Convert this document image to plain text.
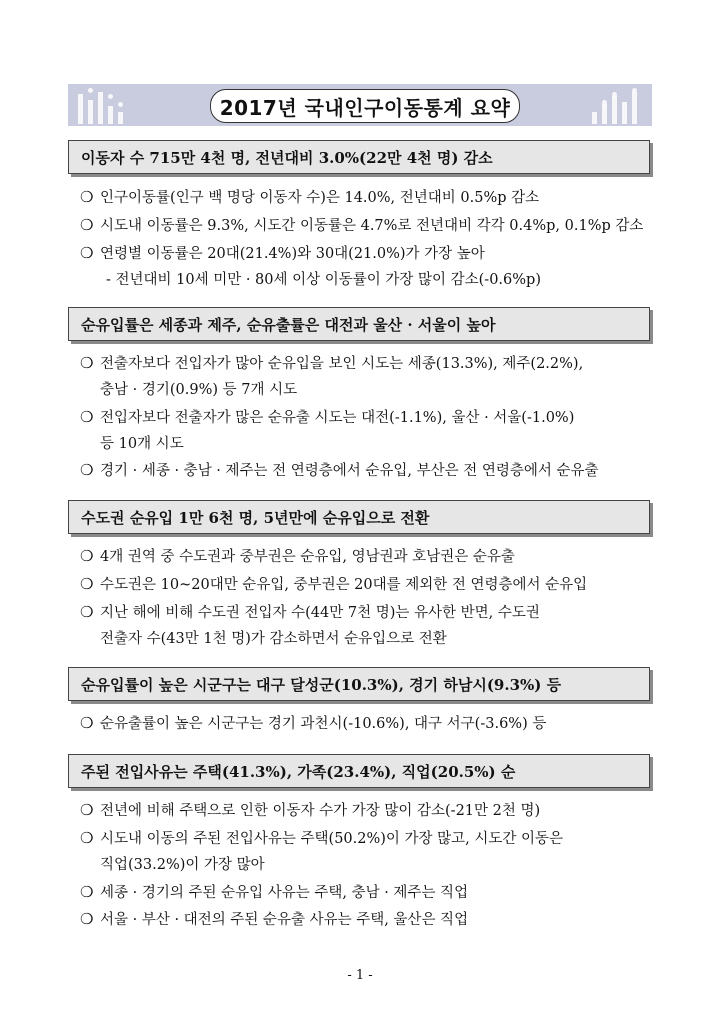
2017년 국내인구이동통계 요약
이동자 수 715만 4천 명, 전년대비 3.0%(22만 4천 명) 감소
❍ 인구이동률(인구 백 명당 이동자 수)은 14.0%, 전년대비 0.5%p 감소
❍ 시도내 이동률은 9.3%, 시도간 이동률은 4.7%로 전년대비 각각 0.4%p, 0.1%p 감소
❍ 연령별 이동률은 20대(21.4%)와 30대(21.0%)가 가장 높아
- 전년대비 10세 미만 · 80세 이상 이동률이 가장 많이 감소(-0.6%p)
순유입률은 세종과 제주, 순유출률은 대전과 울산 · 서울이 높아
❍ 전출자보다 전입자가 많아 순유입을 보인 시도는 세종(13.3%), 제주(2.2%),
충남 · 경기(0.9%) 등 7개 시도
❍ 전입자보다 전출자가 많은 순유출 시도는 대전(-1.1%), 울산 · 서울(-1.0%)
등 10개 시도
❍ 경기 · 세종 · 충남 · 제주는 전 연령층에서 순유입, 부산은 전 연령층에서 순유출
수도권 순유입 1만 6천 명, 5년만에 순유입으로 전환
❍ 4개 권역 중 수도권과 중부권은 순유입, 영남권과 호남권은 순유출
❍ 수도권은 10~20대만 순유입, 중부권은 20대를 제외한 전 연령층에서 순유입
❍ 지난 해에 비해 수도권 전입자 수(44만 7천 명)는 유사한 반면, 수도권
전출자 수(43만 1천 명)가 감소하면서 순유입으로 전환
순유입률이 높은 시군구는 대구 달성군(10.3%), 경기 하남시(9.3%) 등
❍ 순유출률이 높은 시군구는 경기 과천시(-10.6%), 대구 서구(-3.6%) 등
주된 전입사유는 주택(41.3%), 가족(23.4%), 직업(20.5%) 순
❍ 전년에 비해 주택으로 인한 이동자 수가 가장 많이 감소(-21만 2천 명)
❍ 시도내 이동의 주된 전입사유는 주택(50.2%)이 가장 많고, 시도간 이동은
직업(33.2%)이 가장 많아
❍ 세종 · 경기의 주된 순유입 사유는 주택, 충남 · 제주는 직업
❍ 서울 · 부산 · 대전의 주된 순유출 사유는 주택, 울산은 직업
- 1 -
